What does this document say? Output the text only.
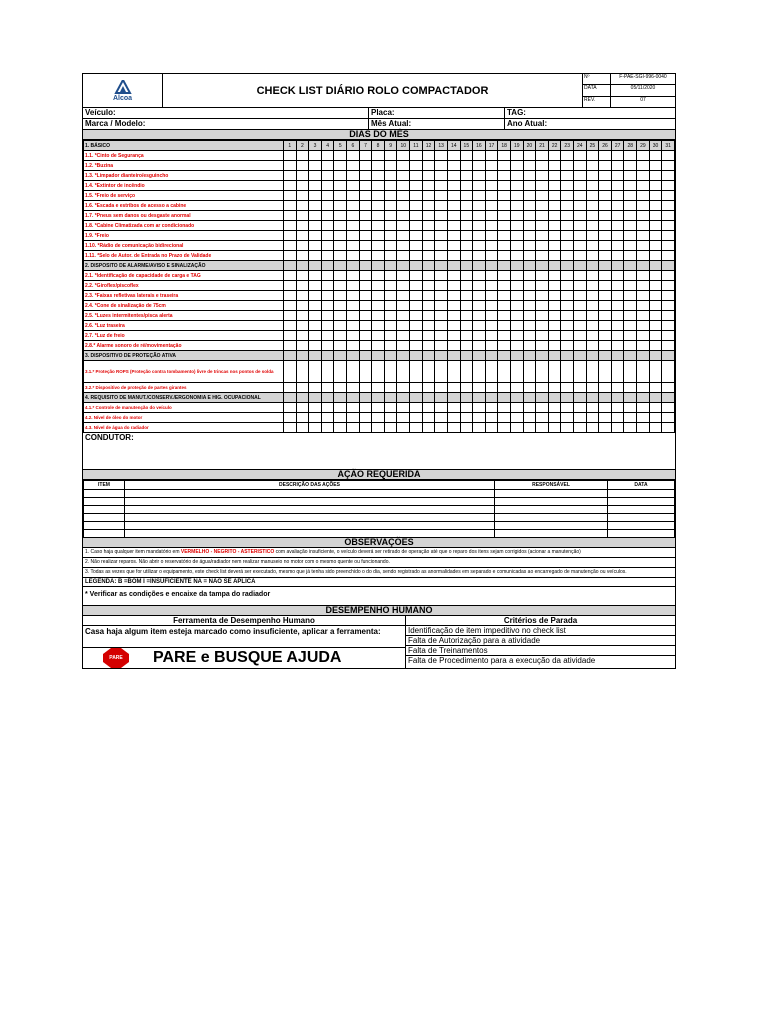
Alcoa
CHECK LIST DIÁRIO ROLO COMPACTADOR
Nº	F-PAE-SGI-996-0040
DATA	05/11/2020
REV.	07
Veículo:	Placa:	TAG:
Marca / Modelo:	Mês Atual:	Ano Atual:
DIAS DO MÊS
1. BÁSICO	1	2	3	4	5	6	7	8	9	10	11	12	13	14	15	16	17	18	19	20	21	22	23	24	25	26	27	28	29	30	31
1.1. *Cinto de Segurança																															
1.2. *Buzina																															
1.3. *Limpador dianteiro/esguincho																															
1.4. *Extintor de incêndio																															
1.5. *Freio de serviço																															
1.6. *Escada e estribos de acesso a cabine																															
1.7. *Pneus sem danos ou desgaste anormal																															
1.8. *Cabine Climatizada com ar condicionado																															
1.9. *Freio																															
1.10. *Rádio de comunicação bidirecional																															
1.11. *Selo de Autor. de Entrada no Prazo de Validade																															
2. DISPOSITO DE ALARME/AVISO E SINALIZAÇÃO																															
2.1. *Identificação de capacidade de carga e TAG																															
2.2. *Giroflex/piscoflex																															
2.3. *Faixas refletivas laterais e traseira																															
2.4. *Cone de sinalização de 75cm																															
2.5. *Luzes intermitentes/pisca alerta																															
2.6. *Luz traseira																															
2.7. *Luz de freio																															
2.8.* Alarme sonoro de ré/movimentação																															
3. DISPOSITIVO DE PROTEÇÃO ATIVA																															
3.1.* Proteção ROPS (Proteção contra tombamento) livre de trincas nos pontos de solda																															
3.2.* Dispositivo de proteção de partes girantes																															
4. REQUISITO DE MANUT./CONSERV./ERGONOMIA E HIG. OCUPACIONAL																															
4.1.* Controle de manutenção do veículo																															
4.2. Nível de óleo do motor																															
4.3. Nível de água do radiador																															
CONDUTOR:
AÇÃO REQUERIDA
ITEM	DESCRIÇÃO DAS AÇÕES	RESPONSÁVEL	DATA

OBSERVAÇÕES
1. Caso haja qualquer item mandatório em VERMELHO - NEGRITO - ASTERISTICO com avaliação insuficiente, o veículo deverá ser retirado de operação até que o reparo dos itens sejam corrigidos (acionar a manutenção)
2. Não realizar reparos. Não abrir o reservatório de água/radiador nem realizar manuseio no motor com o mesmo quente ou funcionando.
3. Todas as vezes que for utilizar o equipamento, este check list deverá ser executado, mesmo que já tenha sido preenchido o do dia, sendo registrado as anormalidades em separado e comunicadas ao encarregado de manutenção ou veículos.
LEGENDA: B =BOM I =INSUFICIENTE NA = NÃO SE APLICA
* Verificar as condições e encaixe da tampa do radiador
DESEMPENHO HUMANO
Ferramenta de Desempenho Humano
Casa haja algum item esteja marcado como insuficiente, aplicar a ferramenta:
PARE PARE e BUSQUE AJUDA
Critérios de Parada
Identificação de item impeditivo no check list
Falta de Autorização para a atividade
Falta de Treinamentos
Falta de Procedimento para a execução da atividade
